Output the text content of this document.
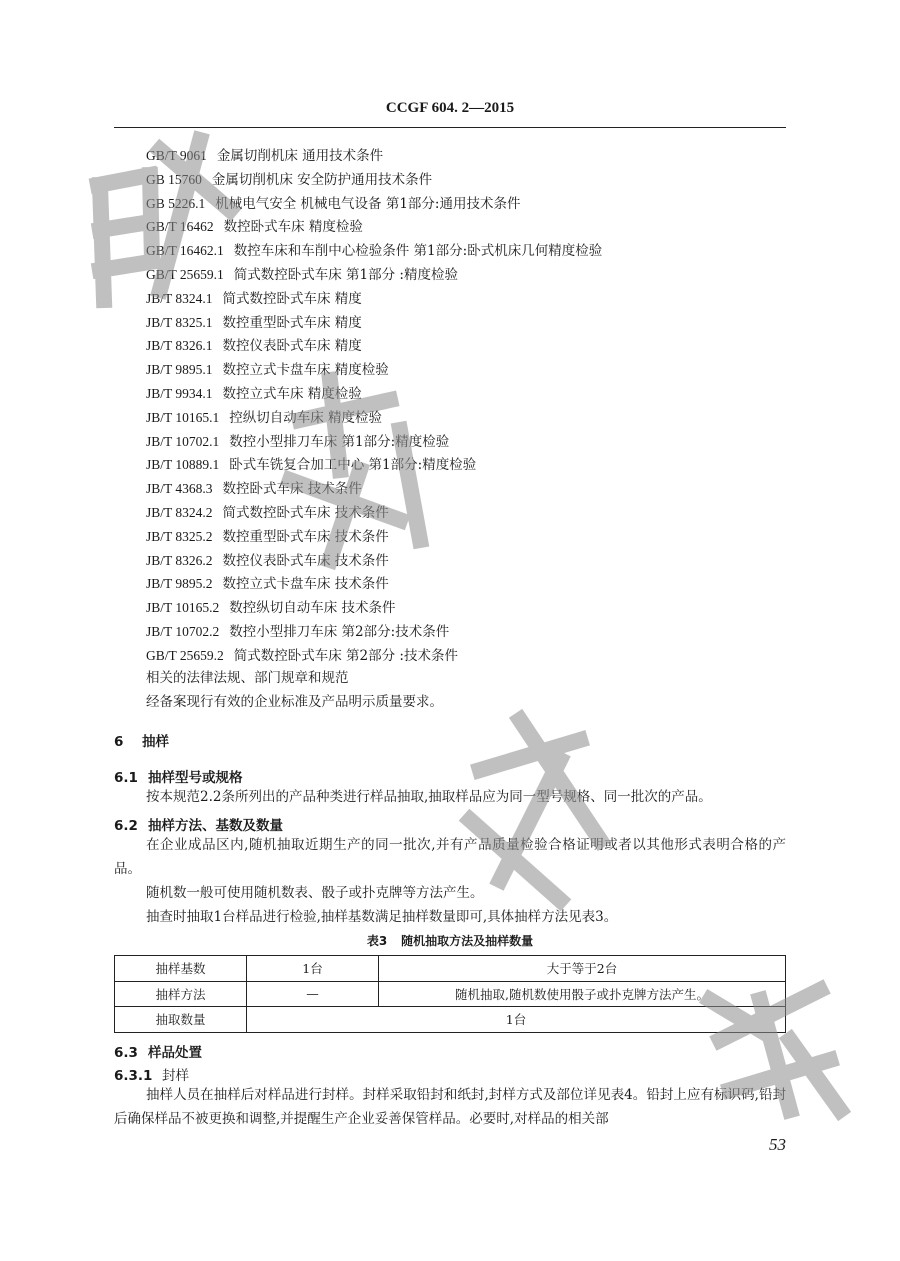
CCGF 604. 2—2015
GB/T 9061 金属切削机床 通用技术条件
GB 15760 金属切削机床 安全防护通用技术条件
GB 5226.1 机械电气安全 机械电气设备 第1部分:通用技术条件
GB/T 16462 数控卧式车床 精度检验
GB/T 16462.1 数控车床和车削中心检验条件 第1部分:卧式机床几何精度检验
GB/T 25659.1 简式数控卧式车床 第1部分 :精度检验
JB/T 8324.1 简式数控卧式车床 精度
JB/T 8325.1 数控重型卧式车床 精度
JB/T 8326.1 数控仪表卧式车床 精度
JB/T 9895.1 数控立式卡盘车床 精度检验
JB/T 9934.1 数控立式车床 精度检验
JB/T 10165.1 控纵切自动车床 精度检验
JB/T 10702.1 数控小型排刀车床 第1部分:精度检验
JB/T 10889.1 卧式车铣复合加工中心 第1部分:精度检验
JB/T 4368.3 数控卧式车床 技术条件
JB/T 8324.2 简式数控卧式车床 技术条件
JB/T 8325.2 数控重型卧式车床 技术条件
JB/T 8326.2 数控仪表卧式车床 技术条件
JB/T 9895.2 数控立式卡盘车床 技术条件
JB/T 10165.2 数控纵切自动车床 技术条件
JB/T 10702.2 数控小型排刀车床 第2部分:技术条件
GB/T 25659.2 简式数控卧式车床 第2部分 :技术条件
相关的法律法规、部门规章和规范
经备案现行有效的企业标准及产品明示质量要求。
6 抽样
6.1 抽样型号或规格

按本规范2.2条所列出的产品种类进行样品抽取,抽取样品应为同一型号规格、同一批次的产品。

6.2 抽样方法、基数及数量

在企业成品区内,随机抽取近期生产的同一批次,并有产品质量检验合格证明或者以其他形式表明合格的产品。

随机数一般可使用随机数表、骰子或扑克牌等方法产生。

抽查时抽取1台样品进行检验,抽样基数满足抽样数量即可,具体抽样方法见表3。

表3 随机抽取方法及抽样数量
抽样基数	1台	大于等于2台
抽样方法	—	随机抽取,随机数使用骰子或扑克牌方法产生。
抽取数量	1台	
6.3 样品处置
6.3.1 封样

抽样人员在抽样后对样品进行封样。封样采取铅封和纸封,封样方式及部位详见表4。铅封上应有标识码,铅封后确保样品不被更换和调整,并提醒生产企业妥善保管样品。必要时,对样品的相关部

53
